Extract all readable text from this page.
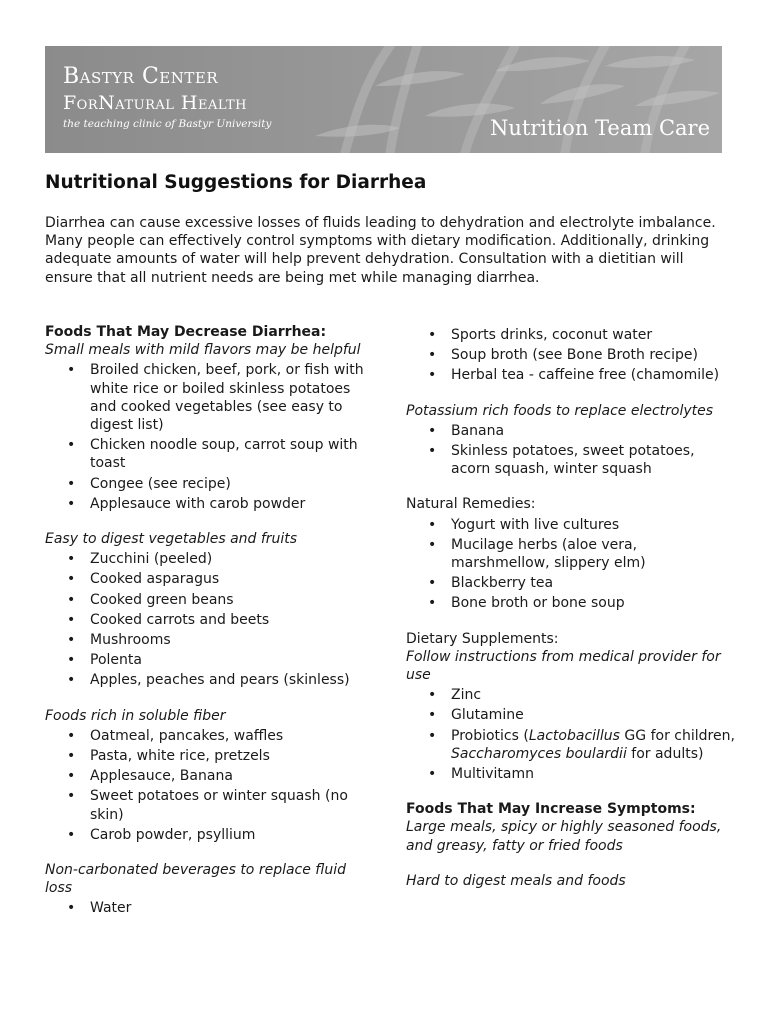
Bastyr Center
ForNatural Health
the teaching clinic of Bastyr University	Nutrition Team Care
Nutritional Suggestions for Diarrhea

Diarrhea can cause excessive losses of fluids leading to dehydration and electrolyte imbalance. Many people can effectively control symptoms with dietary modification. Additionally, drinking adequate amounts of water will help prevent dehydration. Consultation with a dietitian will ensure that all nutrient needs are being met while managing diarrhea.

Foods That May Decrease Diarrhea:

Small meals with mild flavors may be helpful

• Broiled chicken, beef, pork, or fish with white rice or boiled skinless potatoes and cooked vegetables (see easy to digest list)
• Chicken noodle soup, carrot soup with toast
• Congee (see recipe)
• Applesauce with carob powder

Easy to digest vegetables and fruits

• Zucchini (peeled)
• Cooked asparagus
• Cooked green beans
• Cooked carrots and beets
• Mushrooms
• Polenta
• Apples, peaches and pears (skinless)

Foods rich in soluble fiber

• Oatmeal, pancakes, waffles
• Pasta, white rice, pretzels
• Applesauce, Banana
• Sweet potatoes or winter squash (no skin)
• Carob powder, psyllium

Non-carbonated beverages to replace fluid loss

• Water
• Sports drinks, coconut water
• Soup broth (see Bone Broth recipe)
• Herbal tea - caffeine free (chamomile)

Potassium rich foods to replace electrolytes

• Banana
• Skinless potatoes, sweet potatoes, acorn squash, winter squash

Natural Remedies:

• Yogurt with live cultures
• Mucilage herbs (aloe vera, marshmellow, slippery elm)
• Blackberry tea
• Bone broth or bone soup

Dietary Supplements:

Follow instructions from medical provider for use

• Zinc
• Glutamine
• Probiotics (Lactobacillus GG for children, Saccharomyces boulardii for adults)
• Multivitamn

Foods That May Increase Symptoms:

Large meals, spicy or highly seasoned foods, and greasy, fatty or fried foods

Hard to digest meals and foods
